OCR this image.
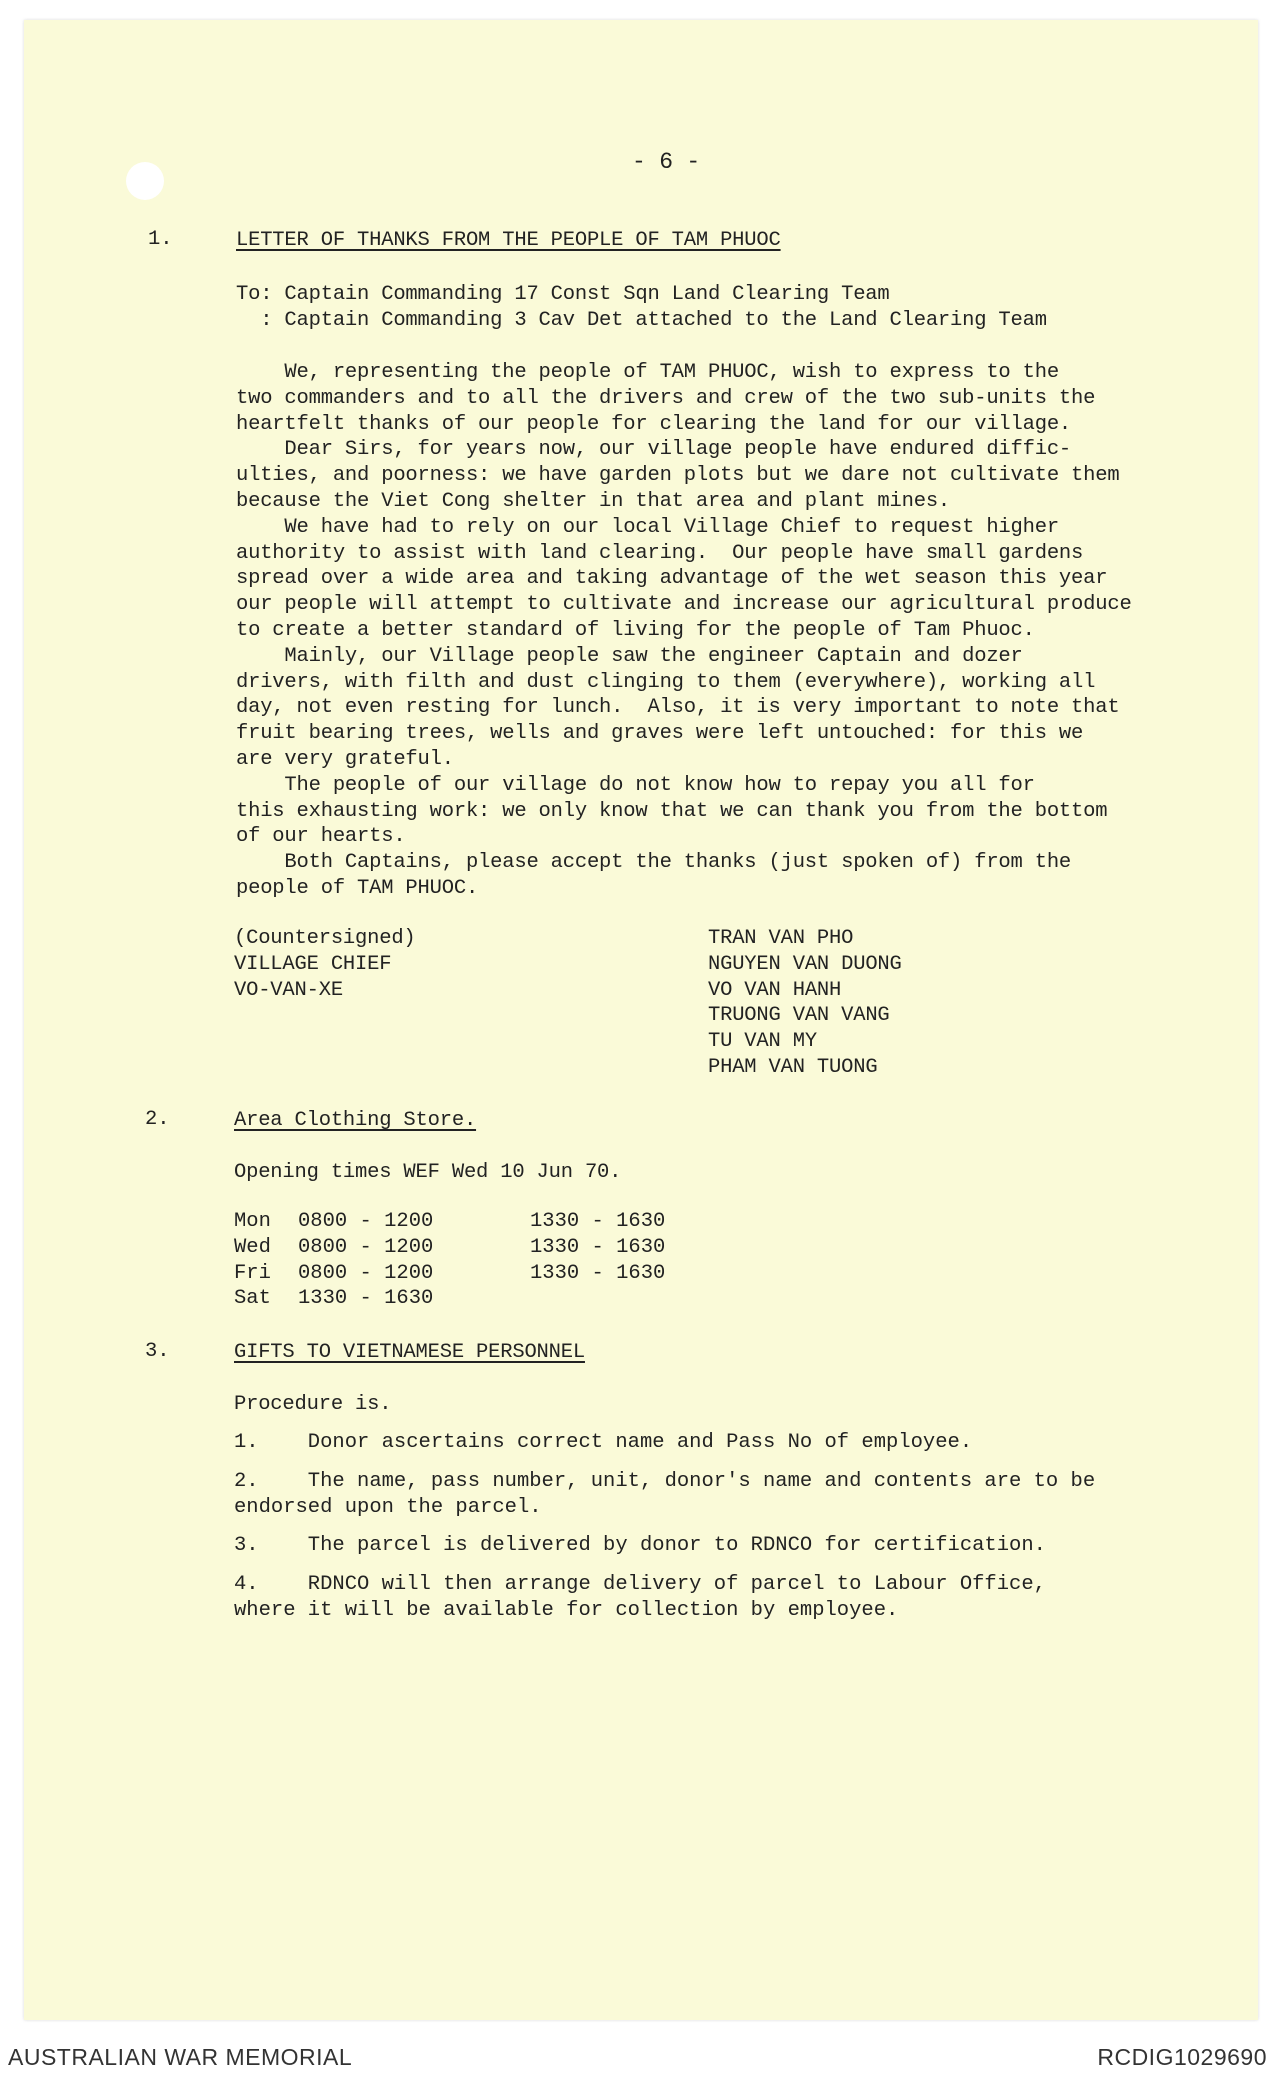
- 6 -
1.	LETTER OF THANKS FROM THE PEOPLE OF TAM PHUOC
To: Captain Commanding 17 Const Sqn Land Clearing Team
: Captain Commanding 3 Cav Det attached to the Land Clearing Team
We, representing the people of TAM PHUOC, wish to express to the
two commanders and to all the drivers and crew of the two sub-units the
heartfelt thanks of our people for clearing the land for our village.
Dear Sirs, for years now, our village people have endured diffic-
ulties, and poorness: we have garden plots but we dare not cultivate them
because the Viet Cong shelter in that area and plant mines.
We have had to rely on our local Village Chief to request higher
authority to assist with land clearing.  Our people have small gardens
spread over a wide area and taking advantage of the wet season this year
our people will attempt to cultivate and increase our agricultural produce
to create a better standard of living for the people of Tam Phuoc.
Mainly, our Village people saw the engineer Captain and dozer
drivers, with filth and dust clinging to them (everywhere), working all
day, not even resting for lunch.  Also, it is very important to note that
fruit bearing trees, wells and graves were left untouched: for this we
are very grateful.
The people of our village do not know how to repay you all for
this exhausting work: we only know that we can thank you from the bottom
of our hearts.
Both Captains, please accept the thanks (just spoken of) from the
people of TAM PHUOC.
(Countersigned)
VILLAGE CHIEF
VO-VAN-XE
TRAN VAN PHO
NGUYEN VAN DUONG
VO VAN HANH
TRUONG VAN VANG
TU VAN MY
PHAM VAN TUONG
2.	Area Clothing Store.
Opening times WEF Wed 10 Jun 70.
Mon 0800 - 1200	1330 - 1630
Wed 0800 - 1200	1330 - 1630
Fri 0800 - 1200	1330 - 1630
Sat 1330 - 1630
3.	GIFTS TO VIETNAMESE PERSONNEL
Procedure is.
1.    Donor ascertains correct name and Pass No of employee.
2.    The name, pass number, unit, donor's name and contents are to be
endorsed upon the parcel.
3.    The parcel is delivered by donor to RDNCO for certification.
4.    RDNCO will then arrange delivery of parcel to Labour Office,
where it will be available for collection by employee.
AUSTRALIAN WAR MEMORIAL	RCDIG1029690
